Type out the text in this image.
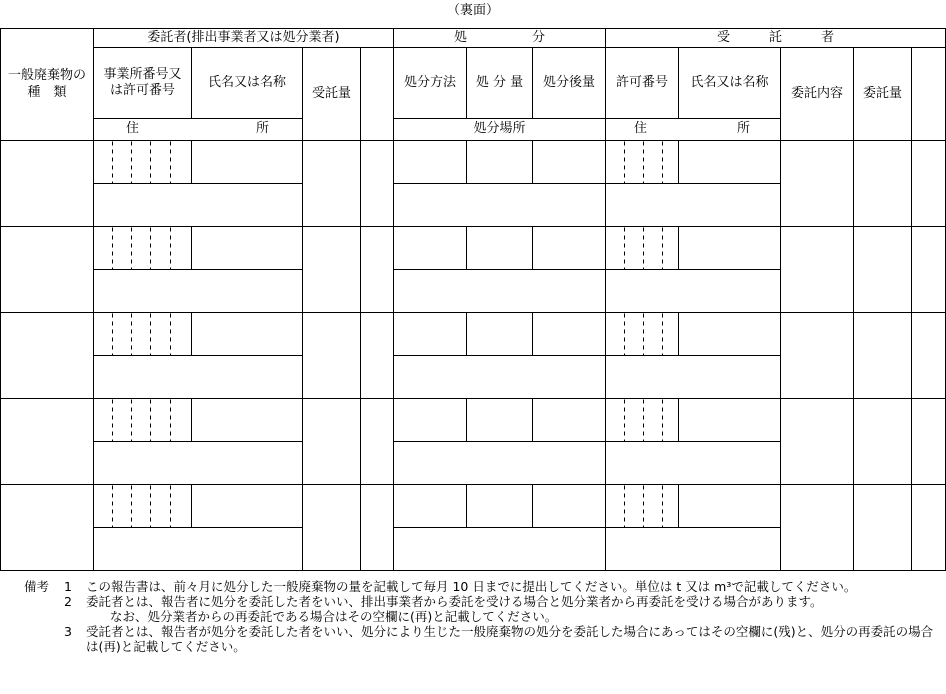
（裏面）
一般廃棄物の　種　類	委託者(排出事業者又は処分業者)				処　　　　　分			受　　　託　　　者				
	事業所番号又は許可番号	氏名又は名称	受託量		処分方法	処 分 量	処分後量	許可番号	氏名又は名称	委託内容	委託量	

	住 所				処分場所			住 所				

備考	1	この報告書は、前々月に処分した一般廃棄物の量を記載して毎月 10 日までに提出してください。単位は t 又は m³で記載してください。
2	委託者とは、報告者に処分を委託した者をいい、排出事業者から委託を受ける場合と処分業者から再委託を受ける場合があります。
なお、処分業者からの再委託である場合はその空欄に(再)と記載してください。
3	受託者とは、報告者が処分を委託した者をいい、処分により生じた一般廃棄物の処分を委託した場合にあってはその空欄に(残)と、処分の再委託の場合は(再)と記載してください。
